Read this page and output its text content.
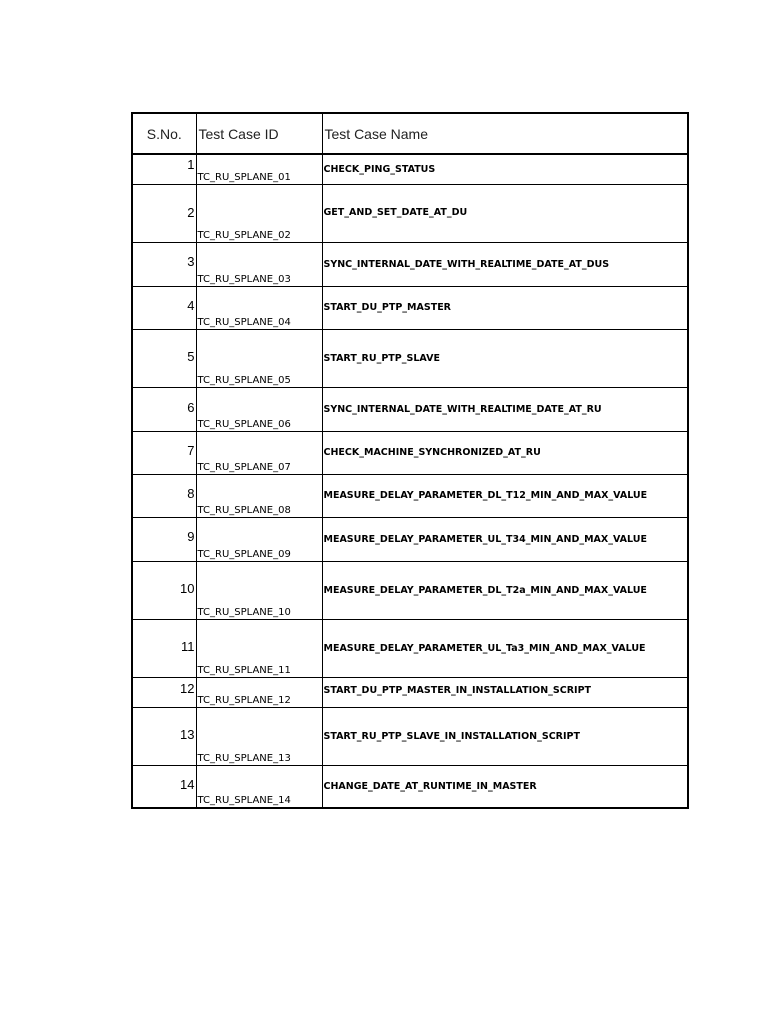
S.No.	Test Case ID	Test Case Name

1	TC_RU_SPLANE_01	CHECK_PING_STATUS

2	TC_RU_SPLANE_02	GET_AND_SET_DATE_AT_DU

3	TC_RU_SPLANE_03	SYNC_INTERNAL_DATE_WITH_REALTIME_DATE_AT_DUS

4	TC_RU_SPLANE_04	START_DU_PTP_MASTER

5	TC_RU_SPLANE_05	START_RU_PTP_SLAVE

6	TC_RU_SPLANE_06	SYNC_INTERNAL_DATE_WITH_REALTIME_DATE_AT_RU

7	TC_RU_SPLANE_07	CHECK_MACHINE_SYNCHRONIZED_AT_RU

8	TC_RU_SPLANE_08	MEASURE_DELAY_PARAMETER_DL_T12_MIN_AND_MAX_VALUE

9	TC_RU_SPLANE_09	MEASURE_DELAY_PARAMETER_UL_T34_MIN_AND_MAX_VALUE

10	TC_RU_SPLANE_10	MEASURE_DELAY_PARAMETER_DL_T2a_MIN_AND_MAX_VALUE

11	TC_RU_SPLANE_11	MEASURE_DELAY_PARAMETER_UL_Ta3_MIN_AND_MAX_VALUE

12	TC_RU_SPLANE_12	START_DU_PTP_MASTER_IN_INSTALLATION_SCRIPT

13	TC_RU_SPLANE_13	START_RU_PTP_SLAVE_IN_INSTALLATION_SCRIPT

14	TC_RU_SPLANE_14	CHANGE_DATE_AT_RUNTIME_IN_MASTER
